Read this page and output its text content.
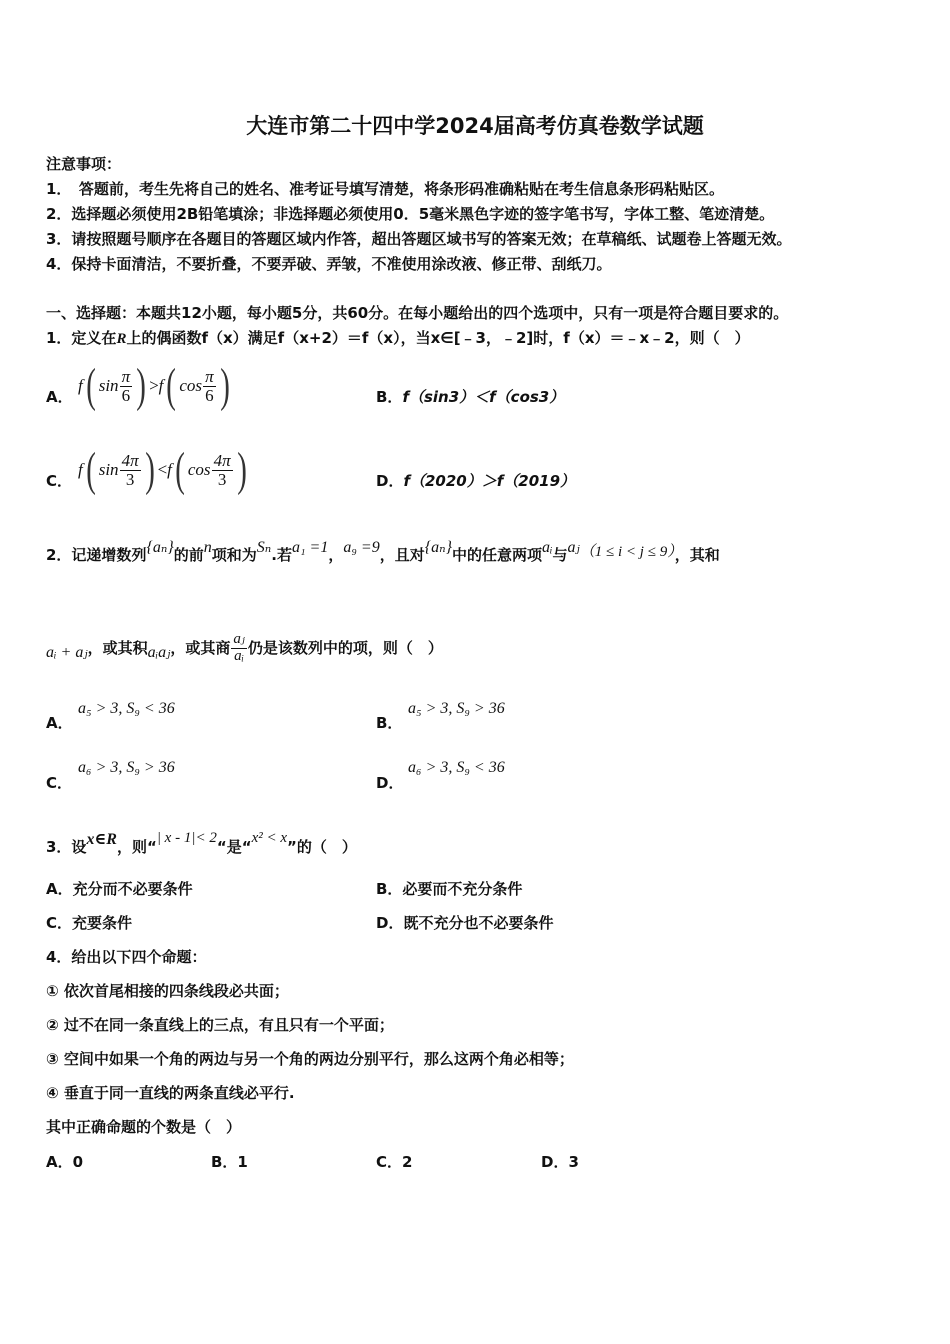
大连市第二十四中学2024届高考仿真卷数学试题
注意事项：
1．　答题前，考生先将自己的姓名、准考证号填写清楚，将条形码准确粘贴在考生信息条形码粘贴区。
2．选择题必须使用2B铅笔填涂；非选择题必须使用0．5毫米黑色字迹的签字笔书写，字体工整、笔迹清楚。
3．请按照题号顺序在各题目的答题区域内作答，超出答题区域书写的答案无效；在草稿纸、试题卷上答题无效。
4．保持卡面清洁，不要折叠，不要弄破、弄皱，不准使用涂改液、修正带、刮纸刀。
一、选择题：本题共12小题，每小题5分，共60分。在每小题给出的四个选项中，只有一项是符合题目要求的。
1．定义在R上的偶函数f（x）满足f（x+2）＝f（x），当x∈[﹣3，﹣2]时，f（x）＝﹣x﹣2，则（　）
A．
f( $\sin \frac{\pi}{6}$ ) >f( $\cos \frac{\pi}{6}$ )	B．f（sin3）＜f（cos3）
C．
f( $\sin \frac{4\pi}{3}$ ) <f( $\cos \frac{4\pi}{3}$ )	D．f（2020）＞f（2019）
2．记递增数列{aₙ}的前n项和为Sₙ.若a₁ =1，a₉ =9，且对{aₙ}中的任意两项aᵢ与aⱼ（1 ≤ i < j ≤ 9），其和
aᵢ + aⱼ，或其积aᵢaⱼ，或其商 $\frac{\text{aⱼ}}{\text{aᵢ}}$ 仍是该数列中的项，则（　）
A．
a₅ > 3, S₉ < 36
B．
a₅ > 3, S₉ > 36
C．
a₆ > 3, S₉ > 36
D．
a₆ > 3, S₉ < 36
3．设x∈R，则“| x - 1|< 2“是“x² < x”的（　）
A．充分而不必要条件	B．必要而不充分条件
C．充要条件	D．既不充分也不必要条件
4．给出以下四个命题：
① 依次首尾相接的四条线段必共面；
② 过不在同一条直线上的三点，有且只有一个平面；
③ 空间中如果一个角的两边与另一个角的两边分别平行，那么这两个角必相等；
④ 垂直于同一直线的两条直线必平行.
其中正确命题的个数是（　）
A．0	B．1	C．2	D．3
